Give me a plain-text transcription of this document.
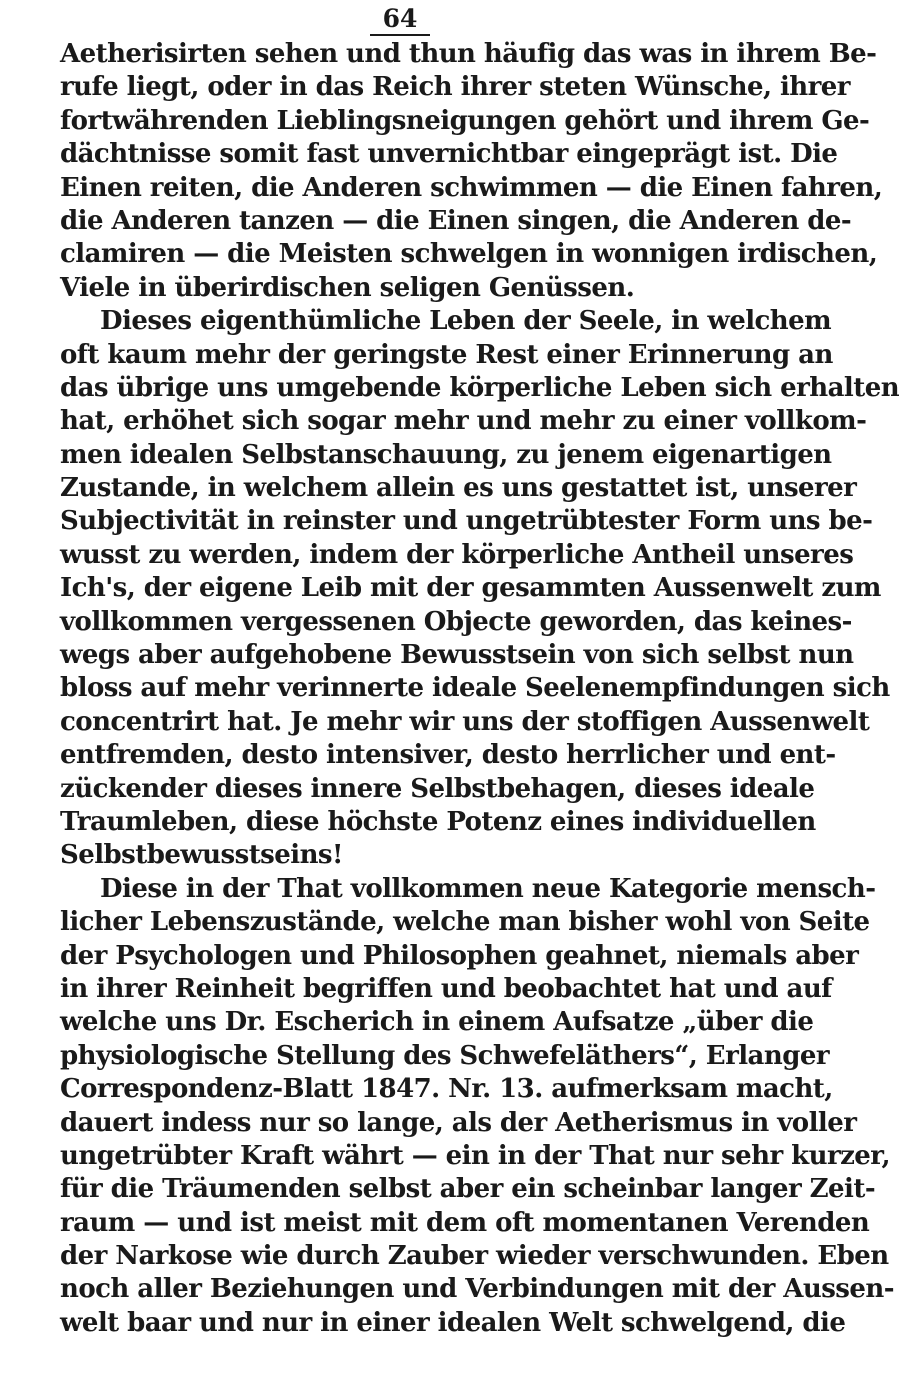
64
Aetherisirten sehen und thun häufig das was in ihrem Be-
rufe liegt, oder in das Reich ihrer steten Wünsche, ihrer
fortwährenden Lieblingsneigungen gehört und ihrem Ge-
dächtnisse somit fast unvernichtbar eingeprägt ist. Die
Einen reiten, die Anderen schwimmen — die Einen fahren,
die Anderen tanzen — die Einen singen, die Anderen de-
clamiren — die Meisten schwelgen in wonnigen irdischen,
Viele in überirdischen seligen Genüssen.
Dieses eigenthümliche Leben der Seele, in welchem
oft kaum mehr der geringste Rest einer Erinnerung an
das übrige uns umgebende körperliche Leben sich erhalten
hat, erhöhet sich sogar mehr und mehr zu einer vollkom-
men idealen Selbstanschauung, zu jenem eigenartigen
Zustande, in welchem allein es uns gestattet ist, unserer
Subjectivität in reinster und ungetrübtester Form uns be-
wusst zu werden, indem der körperliche Antheil unseres
Ich's, der eigene Leib mit der gesammten Aussenwelt zum
vollkommen vergessenen Objecte geworden, das keines-
wegs aber aufgehobene Bewusstsein von sich selbst nun
bloss auf mehr verinnerte ideale Seelenempfindungen sich
concentrirt hat. Je mehr wir uns der stoffigen Aussenwelt
entfremden, desto intensiver, desto herrlicher und ent-
zückender dieses innere Selbstbehagen, dieses ideale
Traumleben, diese höchste Potenz eines individuellen
Selbstbewusstseins!
Diese in der That vollkommen neue Kategorie mensch-
licher Lebenszustände, welche man bisher wohl von Seite
der Psychologen und Philosophen geahnet, niemals aber
in ihrer Reinheit begriffen und beobachtet hat und auf
welche uns Dr. Escherich in einem Aufsatze „über die
physiologische Stellung des Schwefeläthers“, Erlanger
Correspondenz-Blatt 1847. Nr. 13. aufmerksam macht,
dauert indess nur so lange, als der Aetherismus in voller
ungetrübter Kraft währt — ein in der That nur sehr kurzer,
für die Träumenden selbst aber ein scheinbar langer Zeit-
raum — und ist meist mit dem oft momentanen Verenden
der Narkose wie durch Zauber wieder verschwunden. Eben
noch aller Beziehungen und Verbindungen mit der Aussen-
welt baar und nur in einer idealen Welt schwelgend, die
